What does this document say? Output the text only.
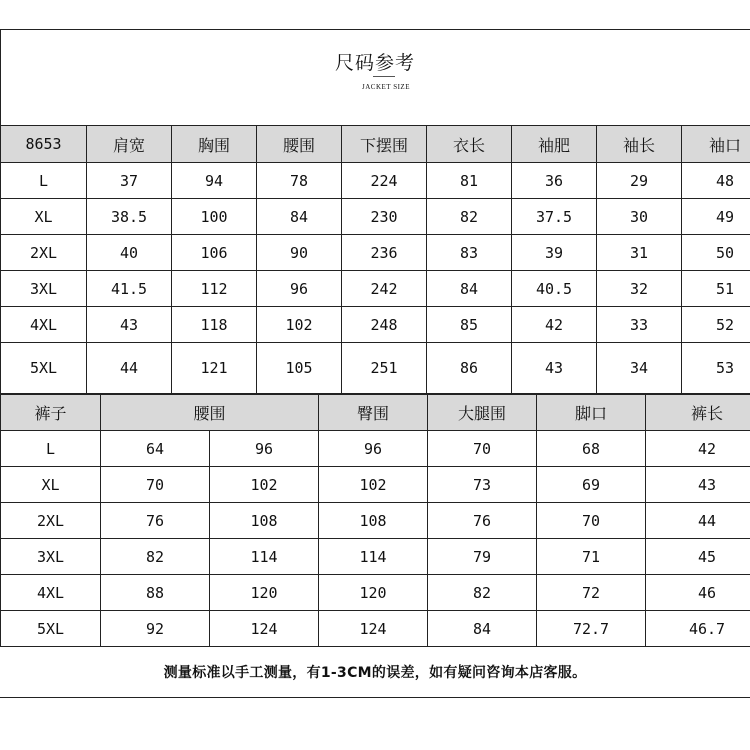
尺码参考
JACKET SIZE
8653	肩宽	胸围	腰围	下摆围	衣长	袖肥	袖长	袖口
L	37	94	78	224	81	36	29	48
XL	38.5	100	84	230	82	37.5	30	49
2XL	40	106	90	236	83	39	31	50
3XL	41.5	112	96	242	84	40.5	32	51
4XL	43	118	102	248	85	42	33	52
5XL	44	121	105	251	86	43	34	53
裤子	腰围		臀围	大腿围	脚口	裤长
L	64	96	96	70	68	42
XL	70	102	102	73	69	43
2XL	76	108	108	76	70	44
3XL	82	114	114	79	71	45
4XL	88	120	120	82	72	46
5XL	92	124	124	84	72.7	46.7
测量标准以手工测量，有1-3CM的误差，如有疑问咨询本店客服。
